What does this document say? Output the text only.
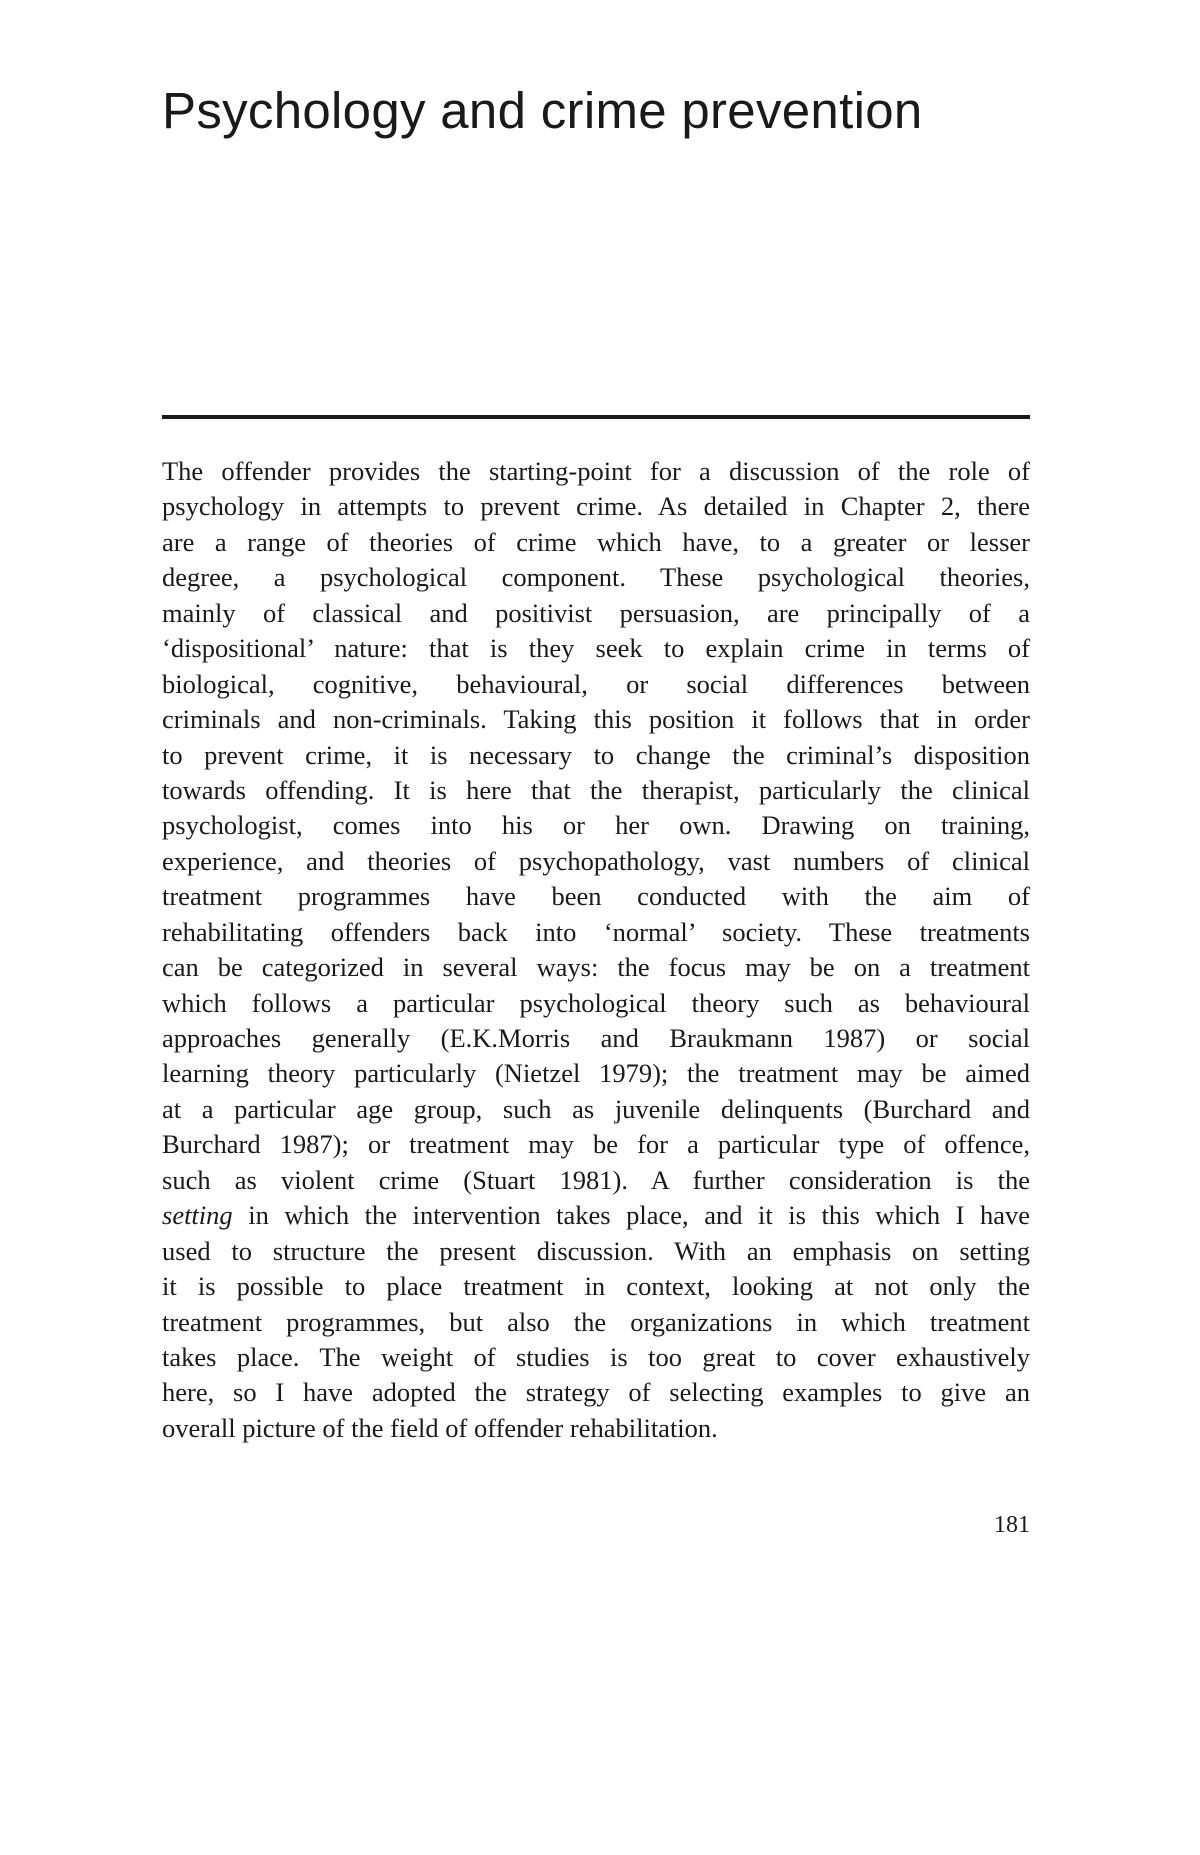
Psychology and crime prevention
The offender provides the starting-point for a discussion of the role of
psychology in attempts to prevent crime. As detailed in Chapter 2, there
are a range of theories of crime which have, to a greater or lesser
degree, a psychological component. These psychological theories,
mainly of classical and positivist persuasion, are principally of a
‘dispositional’ nature: that is they seek to explain crime in terms of
biological, cognitive, behavioural, or social differences between
criminals and non-criminals. Taking this position it follows that in order
to prevent crime, it is necessary to change the criminal’s disposition
towards offending. It is here that the therapist, particularly the clinical
psychologist, comes into his or her own. Drawing on training,
experience, and theories of psychopathology, vast numbers of clinical
treatment programmes have been conducted with the aim of
rehabilitating offenders back into ‘normal’ society. These treatments
can be categorized in several ways: the focus may be on a treatment
which follows a particular psychological theory such as behavioural
approaches generally (E.K.Morris and Braukmann 1987) or social
learning theory particularly (Nietzel 1979); the treatment may be aimed
at a particular age group, such as juvenile delinquents (Burchard and
Burchard 1987); or treatment may be for a particular type of offence,
such as violent crime (Stuart 1981). A further consideration is the
setting in which the intervention takes place, and it is this which I have
used to structure the present discussion. With an emphasis on setting
it is possible to place treatment in context, looking at not only the
treatment programmes, but also the organizations in which treatment
takes place. The weight of studies is too great to cover exhaustively
here, so I have adopted the strategy of selecting examples to give an
overall picture of the field of offender rehabilitation.
181
